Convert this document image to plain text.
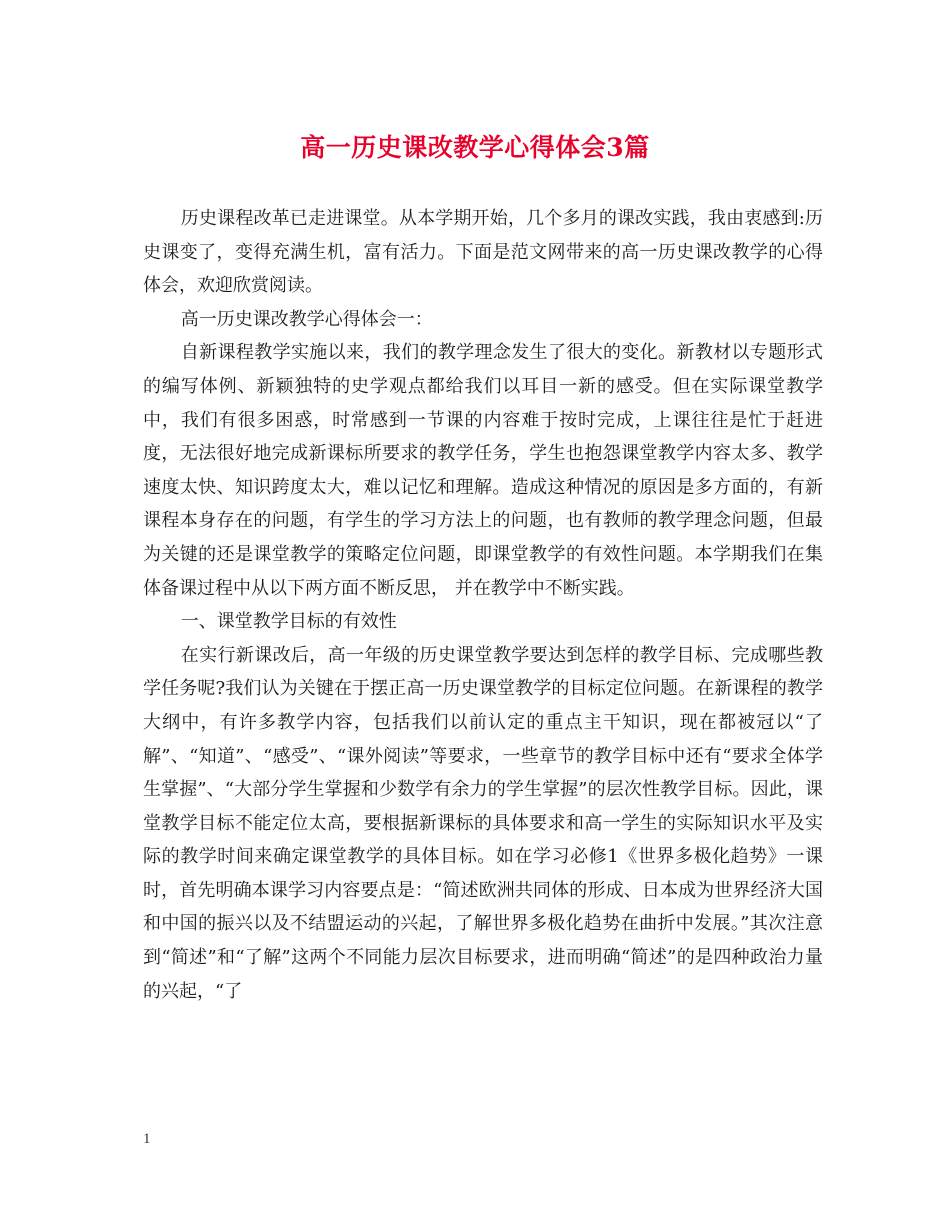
高一历史课改教学心得体会3篇

历史课程改革已走进课堂。从本学期开始，几个多月的课改实践，我由衷感到:历史课变了，变得充满生机，富有活力。下面是范文网带来的高一历史课改教学的心得体会，欢迎欣赏阅读。

高一历史课改教学心得体会一：

自新课程教学实施以来，我们的教学理念发生了很大的变化。新教材以专题形式的编写体例、新颖独特的史学观点都给我们以耳目一新的感受。但在实际课堂教学中，我们有很多困惑，时常感到一节课的内容难于按时完成，上课往往是忙于赶进度，无法很好地完成新课标所要求的教学任务，学生也抱怨课堂教学内容太多、教学速度太快、知识跨度太大，难以记忆和理解。造成这种情况的原因是多方面的，有新课程本身存在的问题，有学生的学习方法上的问题，也有教师的教学理念问题，但最为关键的还是课堂教学的策略定位问题，即课堂教学的有效性问题。本学期我们在集体备课过程中从以下两方面不断反思， 并在教学中不断实践。

一、课堂教学目标的有效性

在实行新课改后，高一年级的历史课堂教学要达到怎样的教学目标、完成哪些教学任务呢?我们认为关键在于摆正高一历史课堂教学的目标定位问题。在新课程的教学大纲中，有许多教学内容，包括我们以前认定的重点主干知识，现在都被冠以“了解”、“知道”、“感受”、“课外阅读”等要求，一些章节的教学目标中还有“要求全体学生掌握”、“大部分学生掌握和少数学有余力的学生掌握”的层次性教学目标。因此，课堂教学目标不能定位太高，要根据新课标的具体要求和高一学生的实际知识水平及实际的教学时间来确定课堂教学的具体目标。如在学习必修1《世界多极化趋势》一课时，首先明确本课学习内容要点是：“简述欧洲共同体的形成、日本成为世界经济大国和中国的振兴以及不结盟运动的兴起，了解世界多极化趋势在曲折中发展。”其次注意到“简述”和“了解”这两个不同能力层次目标要求，进而明确“简述”的是四种政治力量的兴起，“了

1
